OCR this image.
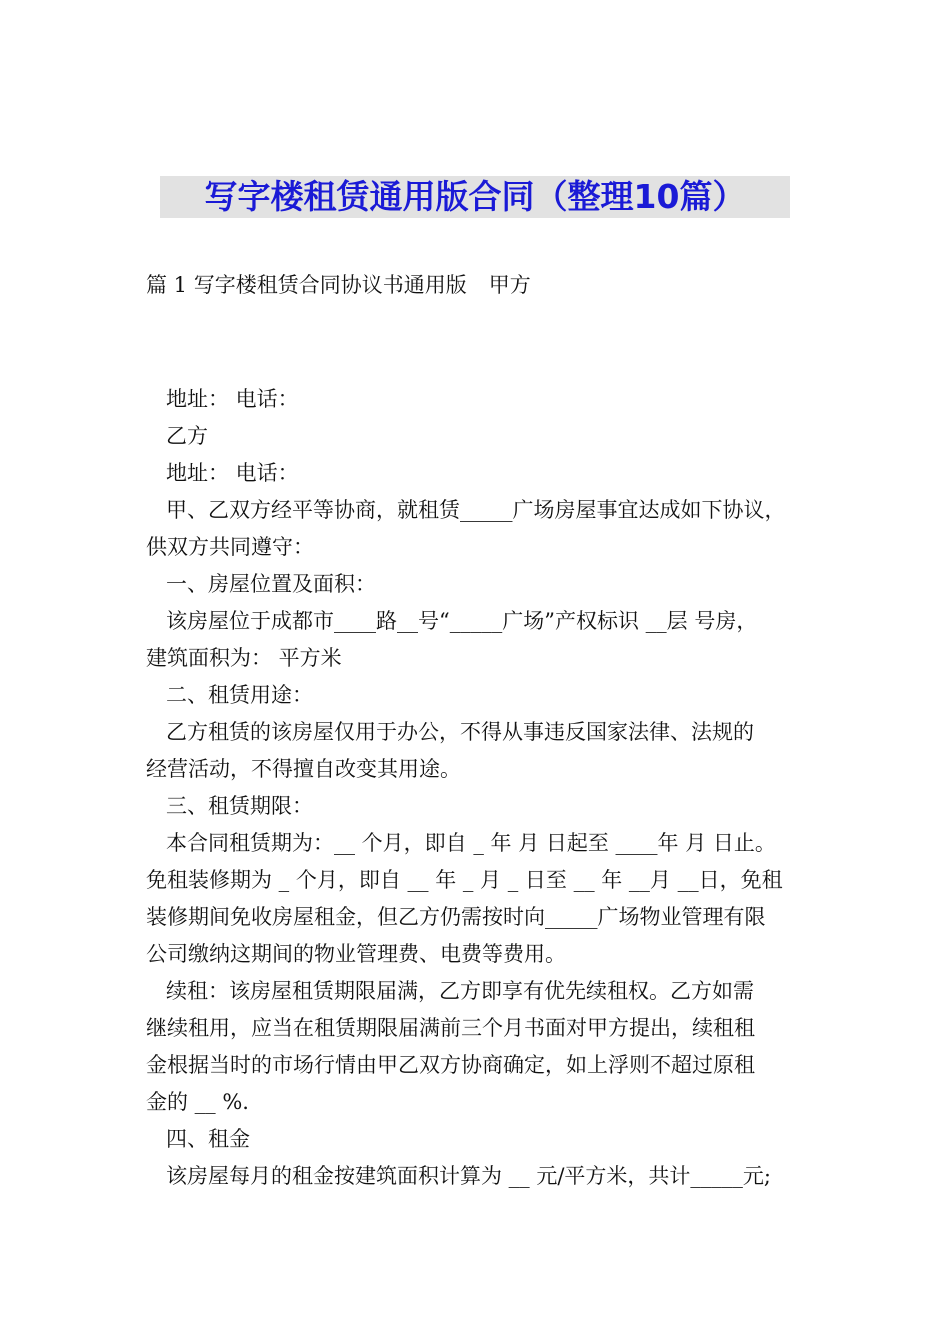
写字楼租赁通用版合同（整理10篇）
篇 1 写字楼租赁合同协议书通用版 甲方

地址： 电话：

乙方

地址： 电话：

甲、乙双方经平等协商，就租赁_____广场房屋事宜达成如下协议，

供双方共同遵守：

一、房屋位置及面积：

该房屋位于成都市____路__号“_____广场”产权标识 __层 号房，

建筑面积为： 平方米

二、租赁用途：

乙方租赁的该房屋仅用于办公，不得从事违反国家法律、法规的

经营活动，不得擅自改变其用途。

三、租赁期限：

本合同租赁期为：__ 个月，即自 _ 年 月 日起至 ____年 月 日止。

免租装修期为 _ 个月，即自 __ 年 _ 月 _ 日至 __ 年 __月 __日，免租

装修期间免收房屋租金，但乙方仍需按时向_____广场物业管理有限

公司缴纳这期间的物业管理费、电费等费用。

续租：该房屋租赁期限届满，乙方即享有优先续租权。乙方如需

继续租用，应当在租赁期限届满前三个月书面对甲方提出，续租租

金根据当时的市场行情由甲乙双方协商确定，如上浮则不超过原租

金的 __ %.

四、租金

该房屋每月的租金按建筑面积计算为 __ 元/平方米，共计_____元;
